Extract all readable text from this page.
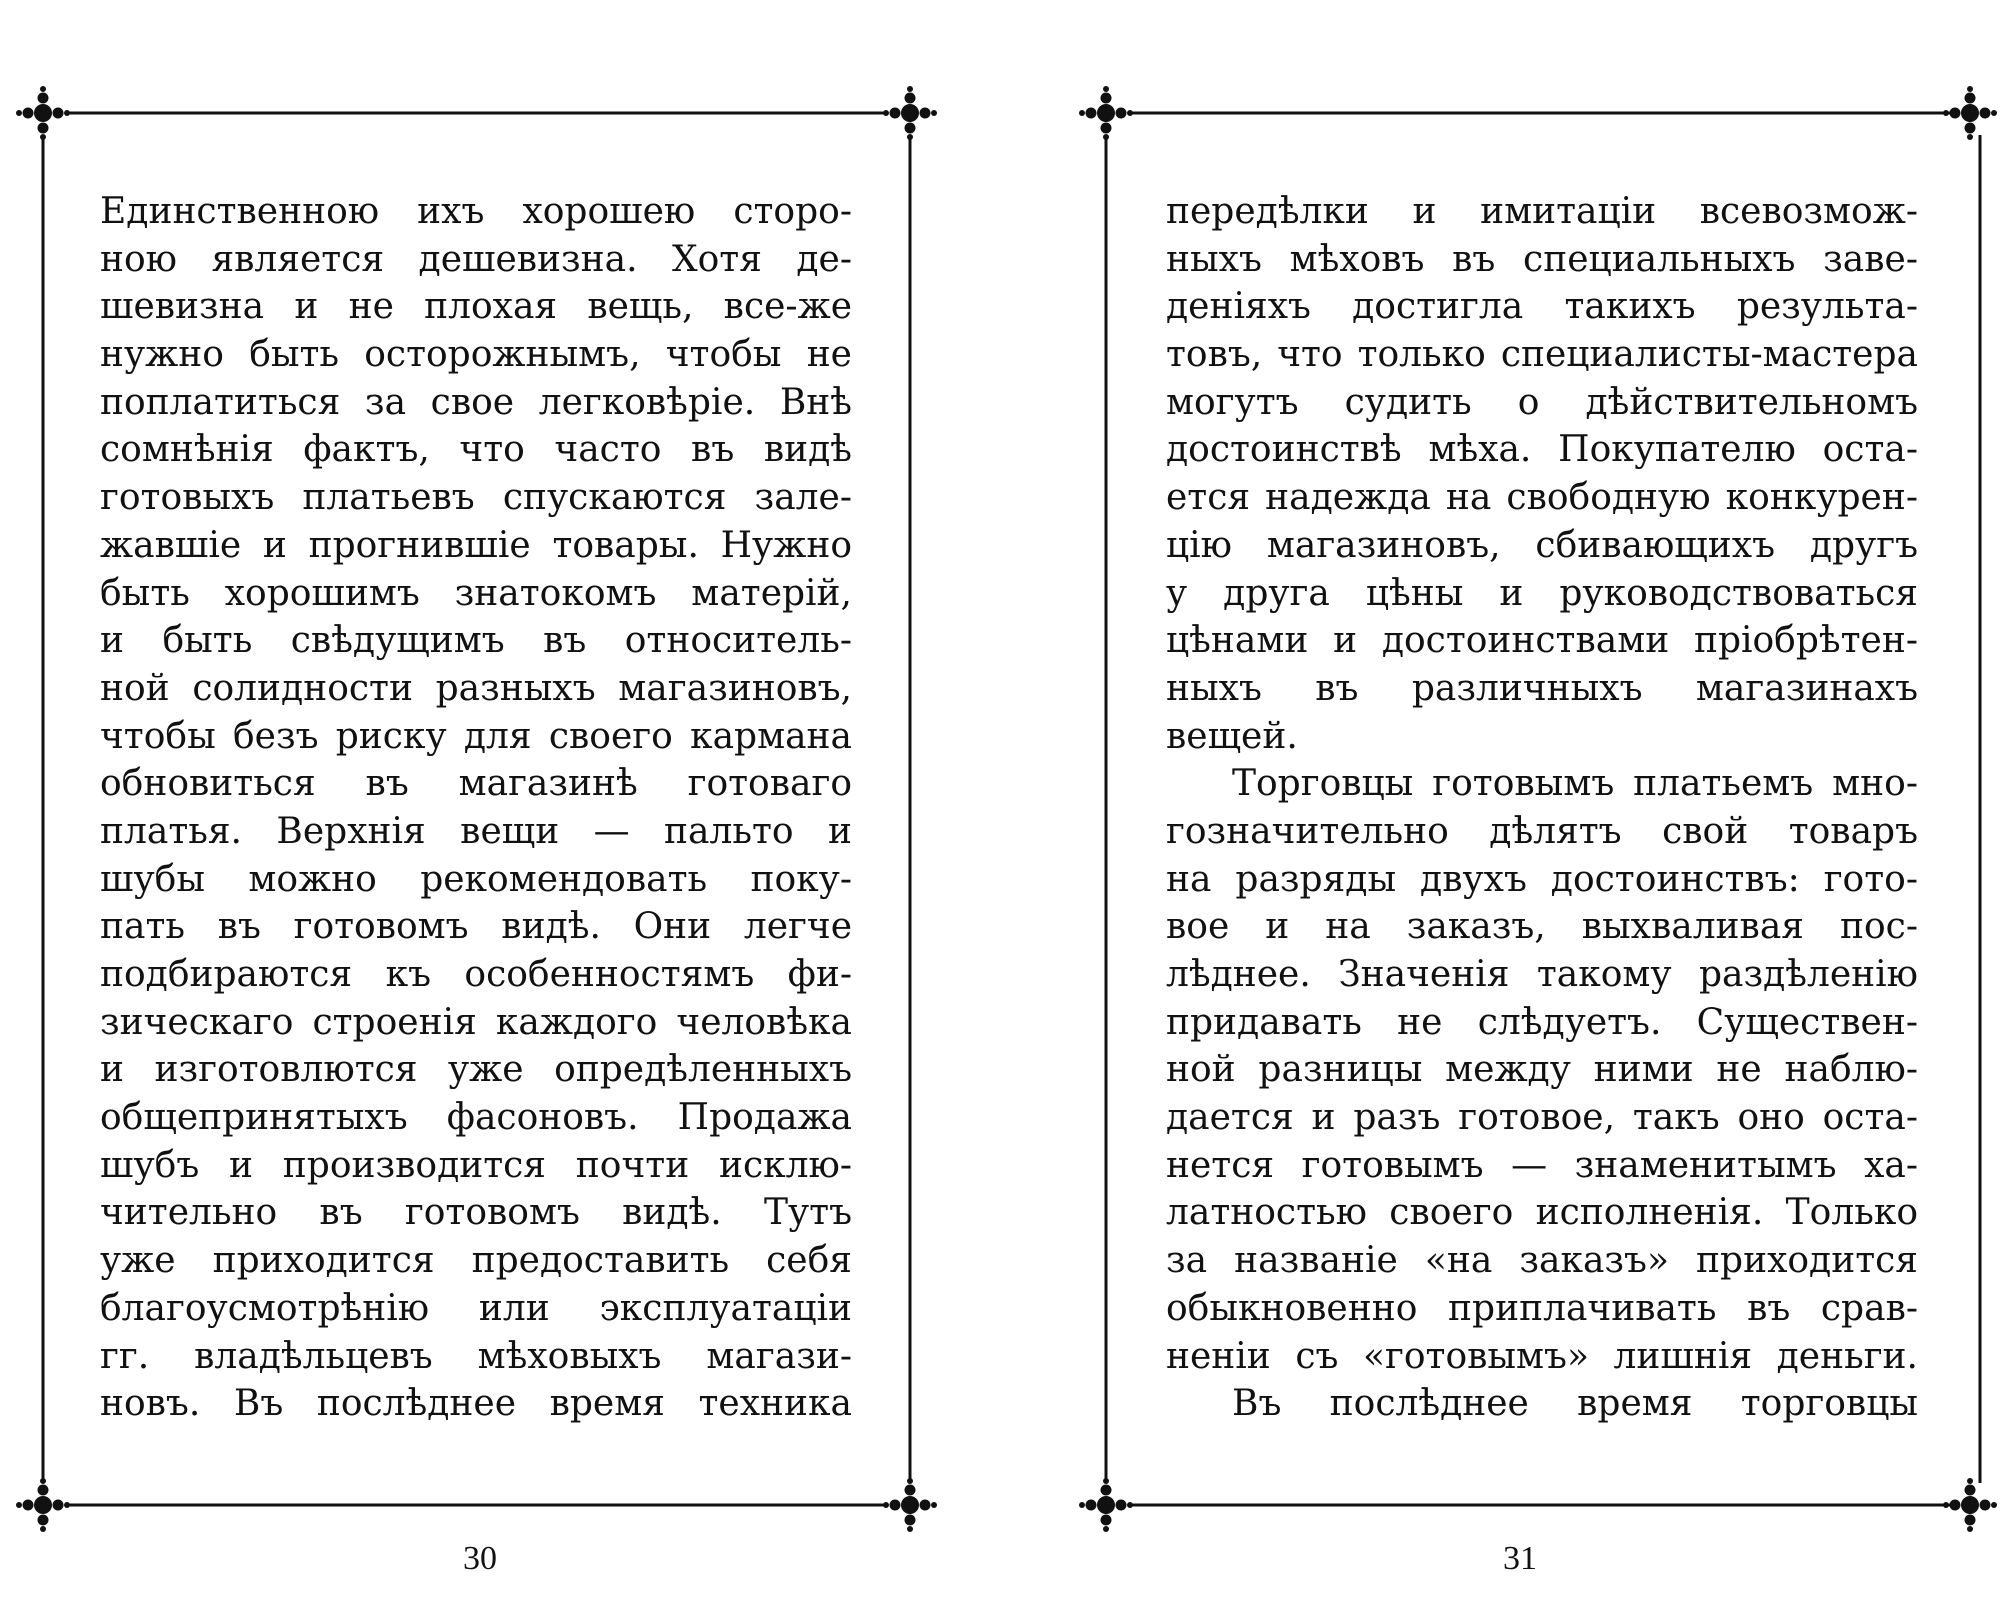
Единственною ихъ хорошею сторо-
ною является дешевизна. Хотя де-
шевизна и не плохая вещь, все-же
нужно быть осторожнымъ, чтобы не
поплатиться за свое легковѣріе. Внѣ
сомнѣнія фактъ, что часто въ видѣ
готовыхъ платьевъ спускаются зале-
жавшіе и прогнившіе товары. Нужно
быть хорошимъ знатокомъ матерій,
и быть свѣдущимъ въ относитель-
ной солидности разныхъ магазиновъ,
чтобы безъ риску для своего кармана
обновиться въ магазинѣ готоваго
платья. Верхнія вещи — пальто и
шубы можно рекомендовать поку-
пать въ готовомъ видѣ. Они легче
подбираются къ особенностямъ фи-
зическаго строенія каждого человѣка
и изготовлются уже опредѣленныхъ
общепринятыхъ фасоновъ. Продажа
шубъ и производится почти исклю-
чительно въ готовомъ видѣ. Тутъ
уже приходится предоставить себя
благоусмотрѣнію или эксплуатаціи
гг. владѣльцевъ мѣховыхъ магази-
новъ. Въ послѣднее время техника
30
передѣлки и имитаціи всевозмож-
ныхъ мѣховъ въ специальныхъ заве-
деніяхъ достигла такихъ результа-
товъ, что только специалисты-мастера
могутъ судить о дѣйствительномъ
достоинствѣ мѣха. Покупателю оста-
ется надежда на свободную конкурен-
цію магазиновъ, сбивающихъ другъ
у друга цѣны и руководствоваться
цѣнами и достоинствами пріобрѣтен-
ныхъ въ различныхъ магазинахъ
вещей.
Торговцы готовымъ платьемъ мно-
гозначительно дѣлятъ свой товаръ
на разряды двухъ достоинствъ: гото-
вое и на заказъ, выхваливая пос-
лѣднее. Значенія такому раздѣленію
придавать не слѣдуетъ. Существен-
ной разницы между ними не наблю-
дается и разъ готовое, такъ оно оста-
нется готовымъ — знаменитымъ ха-
латностью своего исполненія. Только
за названіе «на заказъ» приходится
обыкновенно приплачивать въ срав-
неніи съ «готовымъ» лишнія деньги.
Въ послѣднее время торговцы
31
